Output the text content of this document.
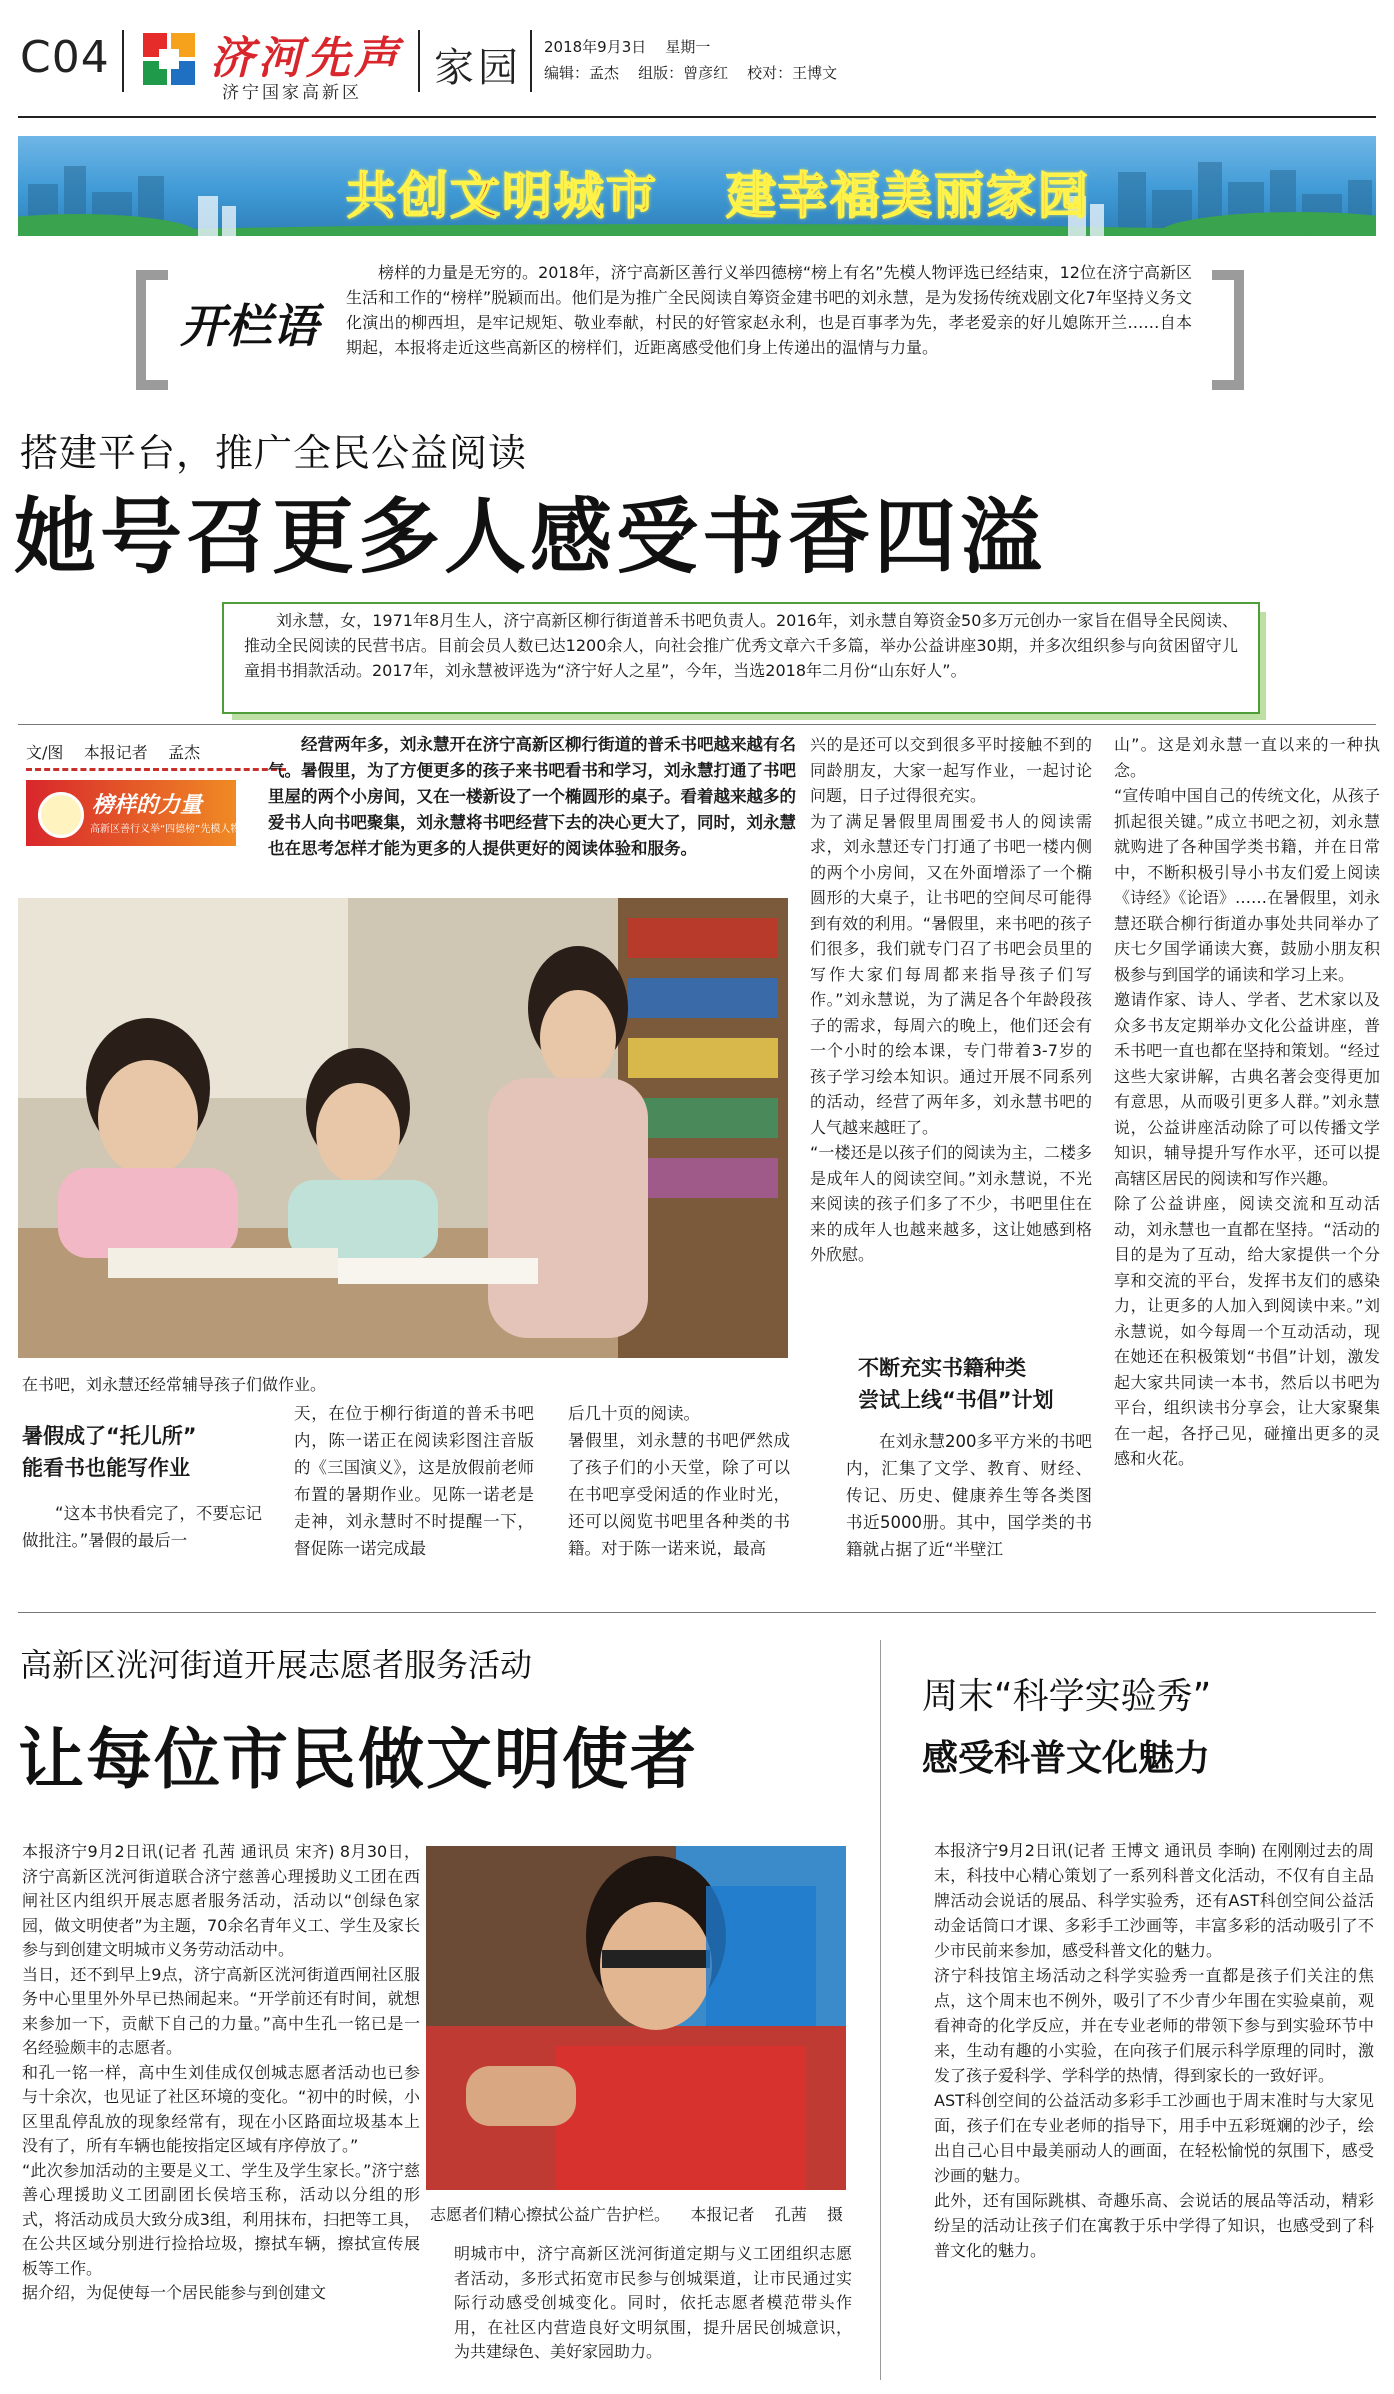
C04 济河先声
济宁国家高新区
家园 2018年9月3日    星期一
编辑：孟杰    组版：曾彦红    校对：王博文
共创文明城市 建幸福美丽家园
开栏语
榜样的力量是无穷的。2018年，济宁高新区善行义举四德榜“榜上有名”先模人物评选已经结束，12位在济宁高新区生活和工作的“榜样”脱颖而出。他们是为推广全民阅读自筹资金建书吧的刘永慧，是为发扬传统戏剧文化7年坚持义务文化演出的柳西坦，是牢记规矩、敬业奉献，村民的好管家赵永利，也是百事孝为先，孝老爱亲的好儿媳陈开兰……自本期起，本报将走近这些高新区的榜样们，近距离感受他们身上传递出的温情与力量。
搭建平台，推广全民公益阅读
她号召更多人感受书香四溢
刘永慧，女，1971年8月生人，济宁高新区柳行街道普禾书吧负责人。2016年，刘永慧自筹资金50多万元创办一家旨在倡导全民阅读、推动全民阅读的民营书店。目前会员人数已达1200余人，向社会推广优秀文章六千多篇，举办公益讲座30期，并多次组织参与向贫困留守儿童捐书捐款活动。2017年，刘永慧被评选为“济宁好人之星”，今年，当选2018年二月份“山东好人”。
文/图    本报记者    孟杰
榜样的力量
高新区善行义举“四德榜”先模人物
经营两年多，刘永慧开在济宁高新区柳行街道的普禾书吧越来越有名气。暑假里，为了方便更多的孩子来书吧看书和学习，刘永慧打通了书吧里屋的两个小房间，又在一楼新设了一个椭圆形的桌子。看着越来越多的爱书人向书吧聚集，刘永慧将书吧经营下去的决心更大了，同时，刘永慧也在思考怎样才能为更多的人提供更好的阅读体验和服务。
在书吧，刘永慧还经常辅导孩子们做作业。
暑假成了“托儿所”
能看书也能写作业
“这本书快看完了，不要忘记做批注。”暑假的最后一
天，在位于柳行街道的普禾书吧内，陈一诺正在阅读彩图注音版的《三国演义》，这是放假前老师布置的暑期作业。见陈一诺老是走神，刘永慧时不时提醒一下，督促陈一诺完成最
后几十页的阅读。
暑假里，刘永慧的书吧俨然成了孩子们的小天堂，除了可以在书吧享受闲适的作业时光，还可以阅览书吧里各种类的书籍。对于陈一诺来说，最高
兴的是还可以交到很多平时接触不到的同龄朋友，大家一起写作业，一起讨论问题，日子过得很充实。
为了满足暑假里周围爱书人的阅读需求，刘永慧还专门打通了书吧一楼内侧的两个小房间，又在外面增添了一个椭圆形的大桌子，让书吧的空间尽可能得到有效的利用。“暑假里，来书吧的孩子们很多，我们就专门召了书吧会员里的写作大家们每周都来指导孩子们写作。”刘永慧说，为了满足各个年龄段孩子的需求，每周六的晚上，他们还会有一个小时的绘本课，专门带着3-7岁的孩子学习绘本知识。通过开展不同系列的活动，经营了两年多，刘永慧书吧的人气越来越旺了。
“一楼还是以孩子们的阅读为主，二楼多是成年人的阅读空间。”刘永慧说，不光来阅读的孩子们多了不少，书吧里住在来的成年人也越来越多，这让她感到格外欣慰。
不断充实书籍种类
尝试上线“书倡”计划
在刘永慧200多平方米的书吧内，汇集了文学、教育、财经、传记、历史、健康养生等各类图书近5000册。其中，国学类的书籍就占据了近“半壁江
山”。这是刘永慧一直以来的一种执念。
“宣传咱中国自己的传统文化，从孩子抓起很关键。”成立书吧之初，刘永慧就购进了各种国学类书籍，并在日常中，不断积极引导小书友们爱上阅读《诗经》《论语》……在暑假里，刘永慧还联合柳行街道办事处共同举办了庆七夕国学诵读大赛，鼓励小朋友积极参与到国学的诵读和学习上来。
邀请作家、诗人、学者、艺术家以及众多书友定期举办文化公益讲座，普禾书吧一直也都在坚持和策划。“经过这些大家讲解，古典名著会变得更加有意思，从而吸引更多人群。”刘永慧说，公益讲座活动除了可以传播文学知识，辅导提升写作水平，还可以提高辖区居民的阅读和写作兴趣。
除了公益讲座，阅读交流和互动活动，刘永慧也一直都在坚持。“活动的目的是为了互动，给大家提供一个分享和交流的平台，发挥书友们的感染力，让更多的人加入到阅读中来。”刘永慧说，如今每周一个互动活动，现在她还在积极策划“书倡”计划，激发起大家共同读一本书，然后以书吧为平台，组织读书分享会，让大家聚集在一起，各抒己见，碰撞出更多的灵感和火花。
高新区洸河街道开展志愿者服务活动
让每位市民做文明使者
本报济宁9月2日讯(记者 孔茜 通讯员 宋齐) 8月30日，济宁高新区洸河街道联合济宁慈善心理援助义工团在西闸社区内组织开展志愿者服务活动，活动以“创绿色家园，做文明使者”为主题，70余名青年义工、学生及家长参与到创建文明城市义务劳动活动中。
当日，还不到早上9点，济宁高新区洸河街道西闸社区服务中心里里外外早已热闹起来。“开学前还有时间，就想来参加一下，贡献下自己的力量。”高中生孔一铭已是一名经验颇丰的志愿者。
和孔一铭一样，高中生刘佳成仅创城志愿者活动也已参与十余次，也见证了社区环境的变化。“初中的时候，小区里乱停乱放的现象经常有，现在小区路面垃圾基本上没有了，所有车辆也能按指定区域有序停放了。”
“此次参加活动的主要是义工、学生及学生家长。”济宁慈善心理援助义工团副团长侯培玉称，活动以分组的形式，将活动成员大致分成3组，利用抹布，扫把等工具，在公共区域分别进行捡拾垃圾，擦拭车辆，擦拭宣传展板等工作。
据介绍，为促使每一个居民能参与到创建文
志愿者们精心擦拭公益广告护栏。    本报记者    孔茜    摄
明城市中，济宁高新区洸河街道定期与义工团组织志愿者活动，多形式拓宽市民参与创城渠道，让市民通过实际行动感受创城变化。同时，依托志愿者模范带头作用，在社区内营造良好文明氛围，提升居民创城意识，为共建绿色、美好家园助力。
周末“科学实验秀”
感受科普文化魅力
本报济宁9月2日讯(记者 王博文 通讯员 李晌) 在刚刚过去的周末，科技中心精心策划了一系列科普文化活动，不仅有自主品牌活动会说话的展品、科学实验秀，还有AST科创空间公益活动金话筒口才课、多彩手工沙画等，丰富多彩的活动吸引了不少市民前来参加，感受科普文化的魅力。
济宁科技馆主场活动之科学实验秀一直都是孩子们关注的焦点，这个周末也不例外，吸引了不少青少年围在实验桌前，观看神奇的化学反应，并在专业老师的带领下参与到实验环节中来，生动有趣的小实验，在向孩子们展示科学原理的同时，激发了孩子爱科学、学科学的热情，得到家长的一致好评。
AST科创空间的公益活动多彩手工沙画也于周末准时与大家见面，孩子们在专业老师的指导下，用手中五彩斑斓的沙子，绘出自己心目中最美丽动人的画面，在轻松愉悦的氛围下，感受沙画的魅力。
此外，还有国际跳棋、奇趣乐高、会说话的展品等活动，精彩纷呈的活动让孩子们在寓教于乐中学得了知识，也感受到了科普文化的魅力。
